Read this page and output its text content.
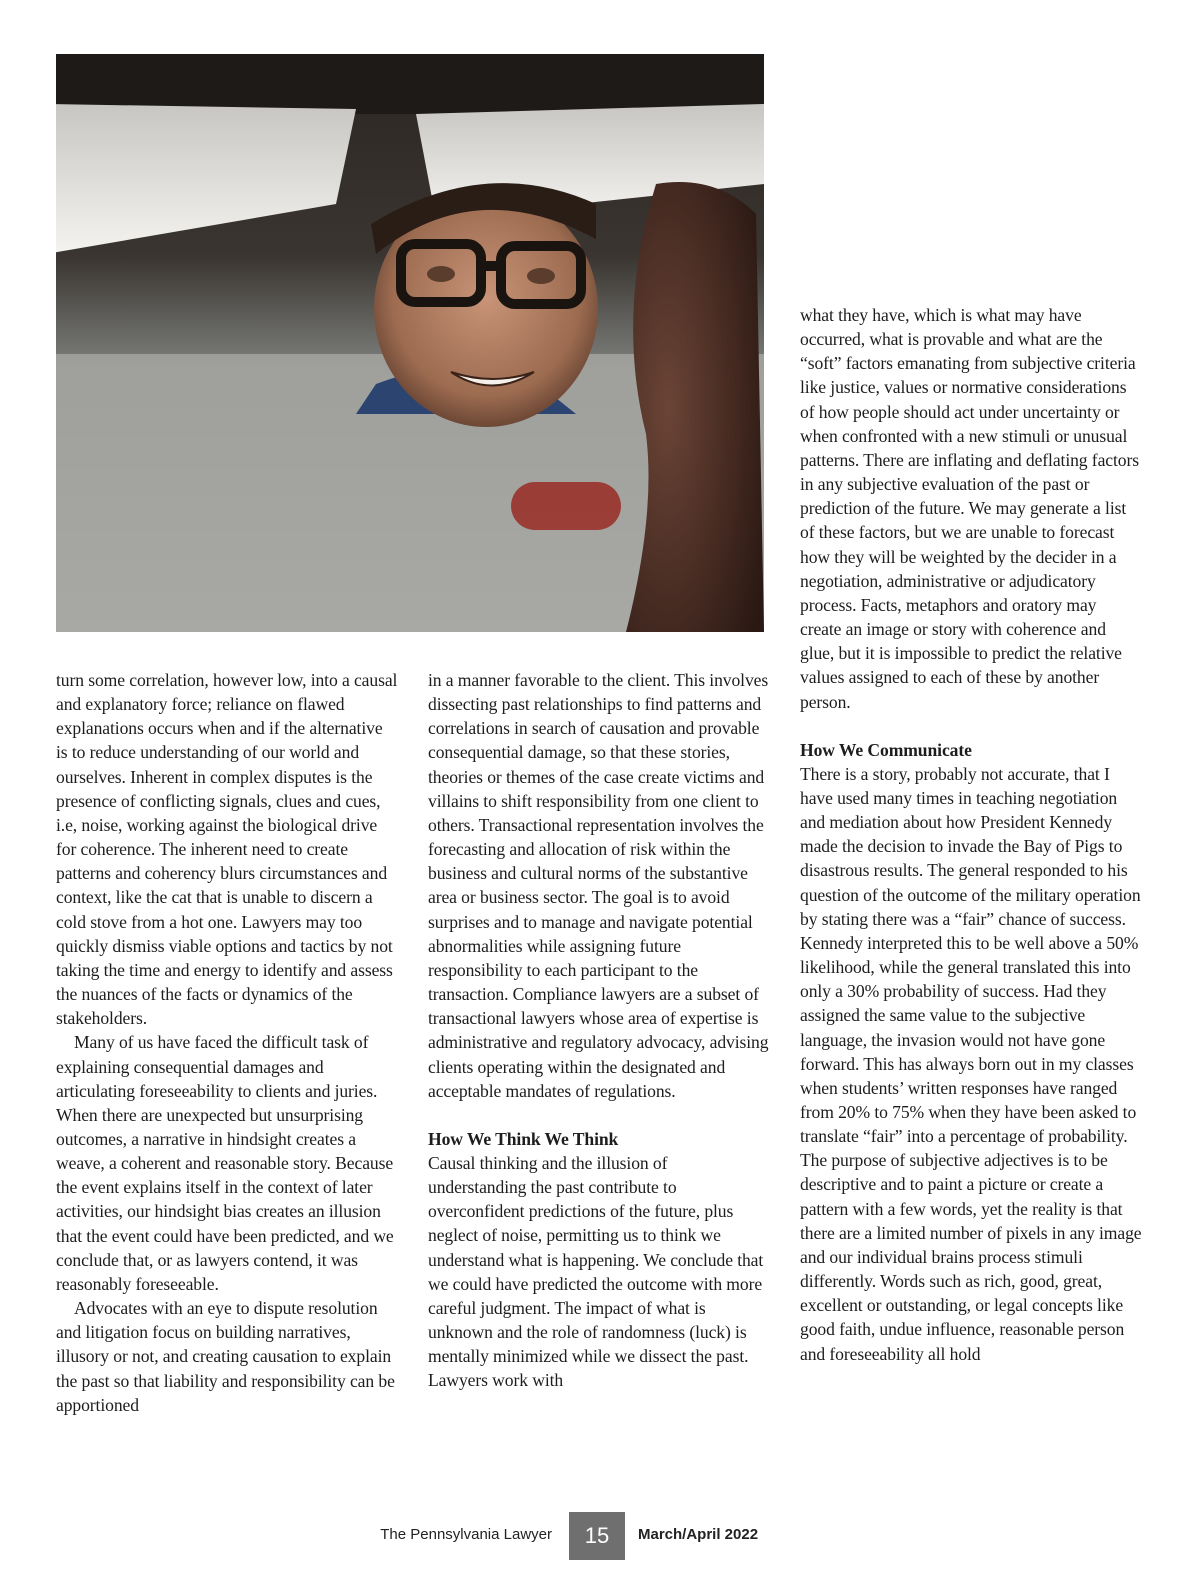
turn some correlation, however low, into a causal and explanatory force; reliance on flawed explanations occurs when and if the alternative is to reduce understanding of our world and ourselves. Inherent in complex disputes is the presence of conflicting signals, clues and cues, i.e, noise, working against the biological drive for coherence. The inherent need to create patterns and coherency blurs circumstances and context, like the cat that is unable to discern a cold stove from a hot one. Lawyers may too quickly dismiss viable options and tactics by not taking the time and energy to identify and assess the nuances of the facts or dynamics of the stakeholders.

Many of us have faced the difficult task of explaining consequential damages and articulating foreseeability to clients and juries. When there are unexpected but unsurprising outcomes, a narrative in hindsight creates a weave, a coherent and reasonable story. Because the event explains itself in the context of later activities, our hindsight bias creates an illusion that the event could have been predicted, and we conclude that, or as lawyers contend, it was reasonably foreseeable.

Advocates with an eye to dispute resolution and litigation focus on building narratives, illusory or not, and creating causation to explain the past so that liability and responsibility can be apportioned

in a manner favorable to the client. This involves dissecting past relationships to find patterns and correlations in search of causation and provable consequential damage, so that these stories, theories or themes of the case create victims and villains to shift responsibility from one client to others. Transactional representation involves the forecasting and allocation of risk within the business and cultural norms of the substantive area or business sector. The goal is to avoid surprises and to manage and navigate potential abnormalities while assigning future responsibility to each participant to the transaction. Compliance lawyers are a subset of transactional lawyers whose area of expertise is administrative and regulatory advocacy, advising clients operating within the designated and acceptable mandates of regulations.

How We Think We Think

Causal thinking and the illusion of understanding the past contribute to overconfident predictions of the future, plus neglect of noise, permitting us to think we understand what is happening. We conclude that we could have predicted the outcome with more careful judgment. The impact of what is unknown and the role of randomness (luck) is mentally minimized while we dissect the past. Lawyers work with

what they have, which is what may have occurred, what is provable and what are the “soft” factors emanating from subjective criteria like justice, values or normative considerations of how people should act under uncertainty or when confronted with a new stimuli or unusual patterns. There are inflating and deflating factors in any subjective evaluation of the past or prediction of the future. We may generate a list of these factors, but we are unable to forecast how they will be weighted by the decider in a negotiation, administrative or adjudicatory process. Facts, metaphors and oratory may create an image or story with coherence and glue, but it is impossible to predict the relative values assigned to each of these by another person.

How We Communicate

There is a story, probably not accurate, that I have used many times in teaching negotiation and mediation about how President Kennedy made the decision to invade the Bay of Pigs to disastrous results. The general responded to his question of the outcome of the military operation by stating there was a “fair” chance of success. Kennedy interpreted this to be well above a 50% likelihood, while the general translated this into only a 30% probability of success. Had they assigned the same value to the subjective language, the invasion would not have gone forward. This has always born out in my classes when students’ written responses have ranged from 20% to 75% when they have been asked to translate “fair” into a percentage of probability. The purpose of subjective adjectives is to be descriptive and to paint a picture or create a pattern with a few words, yet the reality is that there are a limited number of pixels in any image and our individual brains process stimuli differently. Words such as rich, good, great, excellent or outstanding, or legal concepts like good faith, undue influence, reasonable person and foreseeability all hold

The Pennsylvania Lawyer	15	March/April 2022
